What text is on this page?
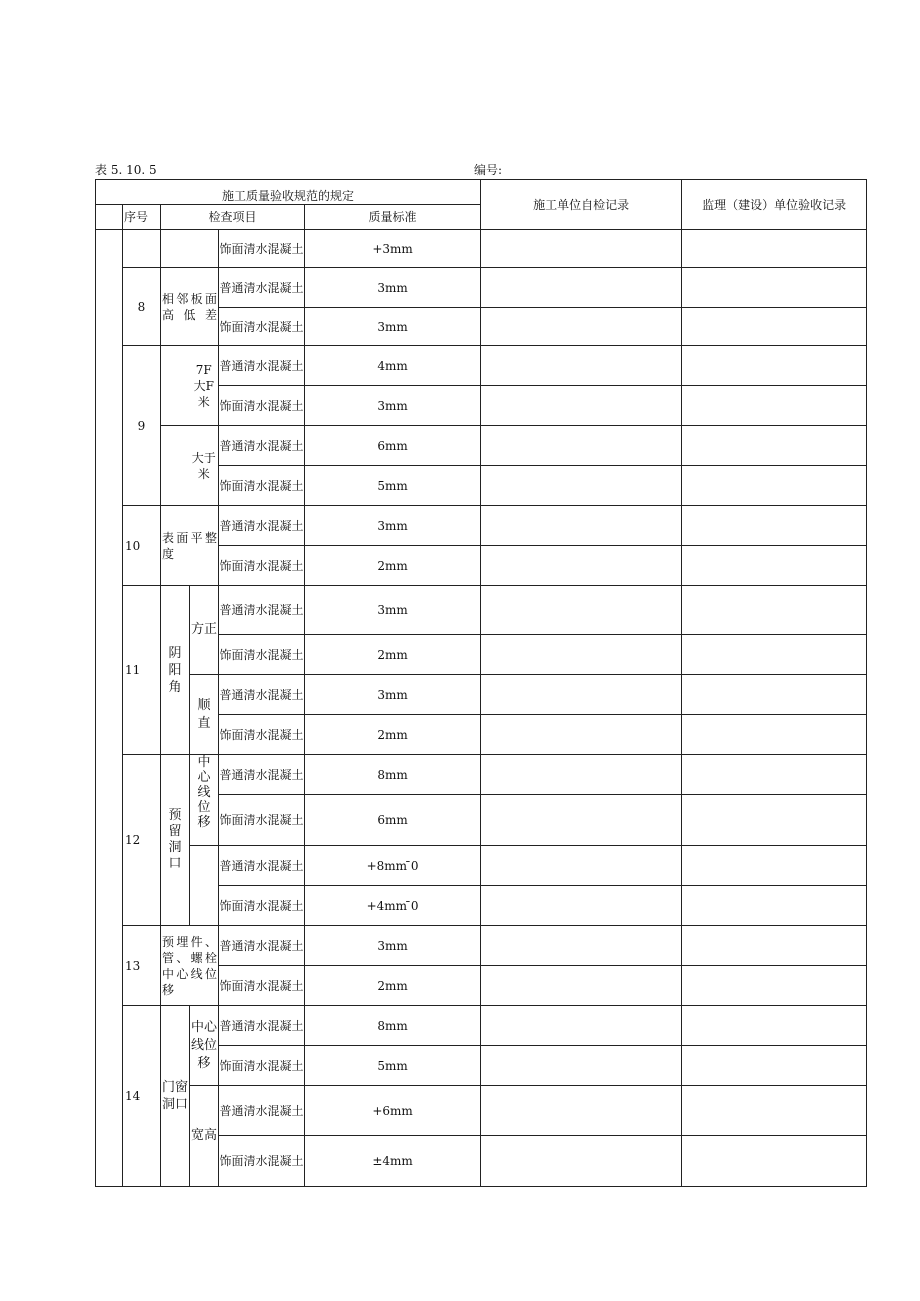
表 5. 10. 5	编号:
施工质量验收规范的规定						施工单位自检记录	监理（建设）单位验收记录
	序号	检查项目			质量标准		
				饰面清水混凝土	+3mm		
	8	相邻板面高低差		普通清水混凝土	3mm		
				饰面清水混凝土	3mm		
	9		7F 大F 米	普通清水混凝土	4mm		
				饰面清水混凝土	3mm		
			大于米	普通清水混凝土	6mm		
				饰面清水混凝土	5mm		
	10	表面平整度		普通清水混凝土	3mm		
				饰面清水混凝土	2mm		
	11	阴阳角	方正	普通清水混凝土	3mm		
				饰面清水混凝土	2mm		

			顺直	普通清水混凝土	3mm		
				饰面清水混凝土	2mm		
	12	预留洞口	中心线位移	普通清水混凝土	8mm		
				饰面清水混凝土	6mm		
				普通清水混凝土	+8mm ̄0		
				饰面清水混凝土	+4mm ̄0		
	13	预埋件、管、螺栓中心线位移		普通清水混凝土	3mm		
				饰面清水混凝土	2mm		
	14	门窗洞口	中心线位移	普通清水混凝土	8mm		
				饰面清水混凝土	5mm		

			宽高	普通清水混凝土	+6mm		
				饰面清水混凝土	±4mm		
